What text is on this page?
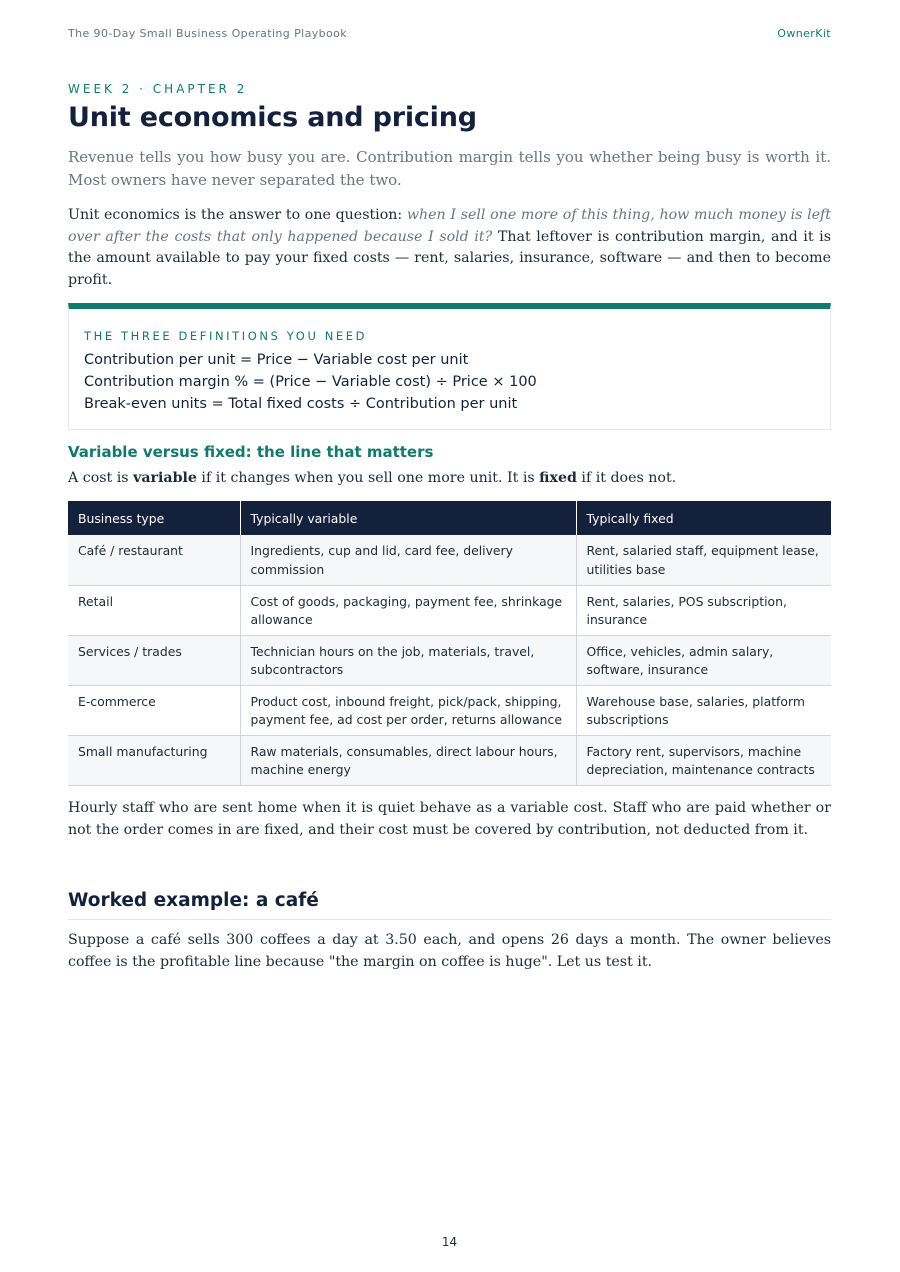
The 90-Day Small Business Operating Playbook	OwnerKit
WEEK 2 · CHAPTER 2
Unit economics and pricing

Revenue tells you how busy you are. Contribution margin tells you whether being busy is worth it. Most owners have never separated the two.

Unit economics is the answer to one question: when I sell one more of this thing, how much money is left over after the costs that only happened because I sold it? That leftover is contribution margin, and it is the amount available to pay your fixed costs — rent, salaries, insurance, software — and then to become profit.

THE THREE DEFINITIONS YOU NEED
Contribution per unit = Price − Variable cost per unit
Contribution margin % = (Price − Variable cost) ÷ Price × 100
Break-even units = Total fixed costs ÷ Contribution per unit
Variable versus fixed: the line that matters

A cost is variable if it changes when you sell one more unit. It is fixed if it does not.

Business type	Typically variable	Typically fixed
Café / restaurant	Ingredients, cup and lid, card fee, delivery commission	Rent, salaried staff, equipment lease, utilities base
Retail	Cost of goods, packaging, payment fee, shrinkage allowance	Rent, salaries, POS subscription, insurance
Services / trades	Technician hours on the job, materials, travel, subcontractors	Office, vehicles, admin salary, software, insurance
E-commerce	Product cost, inbound freight, pick/pack, shipping, payment fee, ad cost per order, returns allowance	Warehouse base, salaries, platform subscriptions
Small manufacturing	Raw materials, consumables, direct labour hours, machine energy	Factory rent, supervisors, machine depreciation, maintenance contracts

Hourly staff who are sent home when it is quiet behave as a variable cost. Staff who are paid whether or not the order comes in are fixed, and their cost must be covered by contribution, not deducted from it.

Worked example: a café

Suppose a café sells 300 coffees a day at 3.50 each, and opens 26 days a month. The owner believes coffee is the profitable line because "the margin on coffee is huge". Let us test it.

14
